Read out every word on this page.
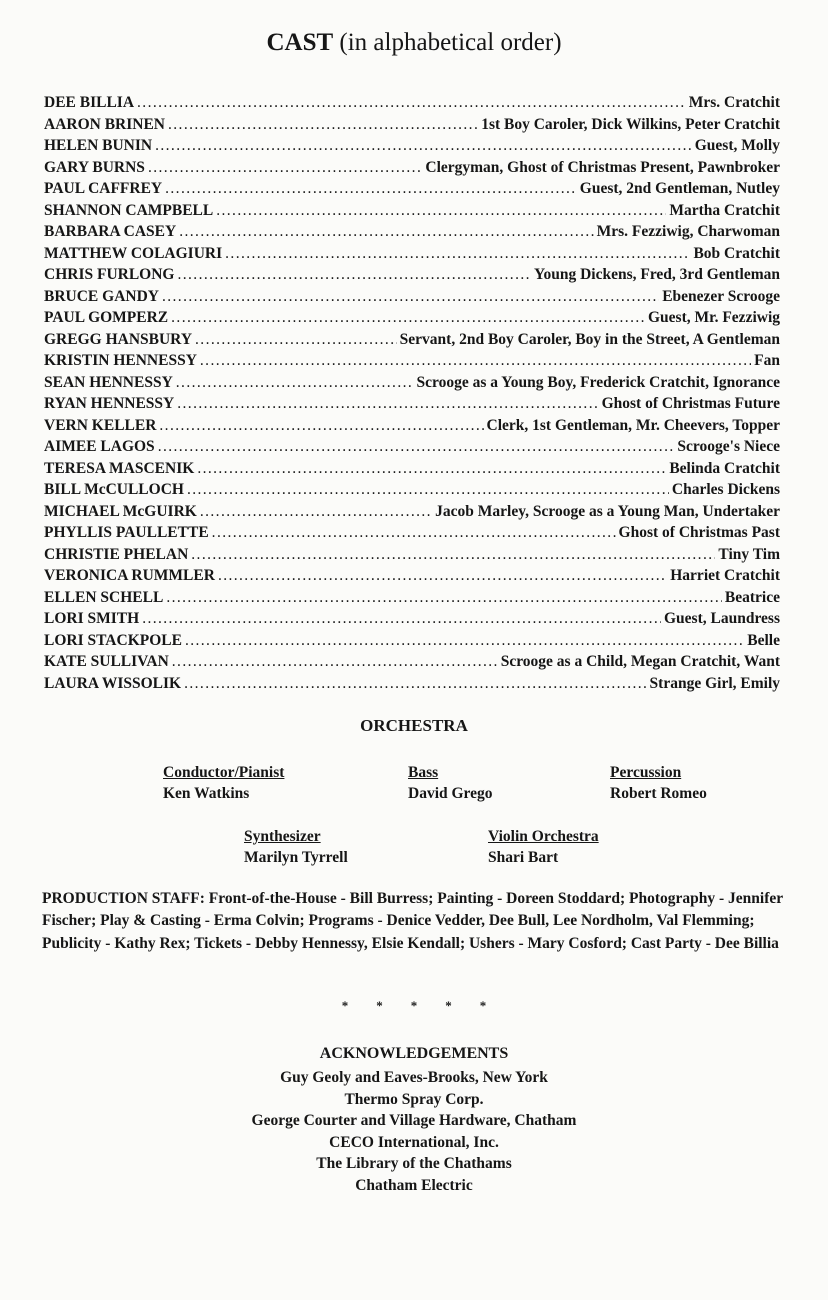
CAST (in alphabetical order)
DEE BILLIA .....	Mrs. Cratchit
AARON BRINEN .....	1st Boy Caroler, Dick Wilkins, Peter Cratchit
HELEN BUNIN .....	Guest, Molly
GARY BURNS .....	Clergyman, Ghost of Christmas Present, Pawnbroker
PAUL CAFFREY .....	Guest, 2nd Gentleman, Nutley
SHANNON CAMPBELL .....	Martha Cratchit
BARBARA CASEY .....	Mrs. Fezziwig, Charwoman
MATTHEW COLAGIURI .....	Bob Cratchit
CHRIS FURLONG .....	Young Dickens, Fred, 3rd Gentleman
BRUCE GANDY .....	Ebenezer Scrooge
PAUL GOMPERZ .....	Guest, Mr. Fezziwig
GREGG HANSBURY .....	Servant, 2nd Boy Caroler, Boy in the Street, A Gentleman
KRISTIN HENNESSY .....	Fan
SEAN HENNESSY .....	Scrooge as a Young Boy, Frederick Cratchit, Ignorance
RYAN HENNESSY .....	Ghost of Christmas Future
VERN KELLER .....	Clerk, 1st Gentleman, Mr. Cheevers, Topper
AIMEE LAGOS .....	Scrooge's Niece
TERESA MASCENIK .....	Belinda Cratchit
BILL McCULLOCH .....	Charles Dickens
MICHAEL McGUIRK .....	Jacob Marley, Scrooge as a Young Man, Undertaker
PHYLLIS PAULLETTE .....	Ghost of Christmas Past
CHRISTIE PHELAN .....	Tiny Tim
VERONICA RUMMLER .....	Harriet Cratchit
ELLEN SCHELL .....	Beatrice
LORI SMITH .....	Guest, Laundress
LORI STACKPOLE .....	Belle
KATE SULLIVAN .....	Scrooge as a Child, Megan Cratchit, Want
LAURA WISSOLIK .....	Strange Girl, Emily
ORCHESTRA
Conductor/Pianist
Ken Watkins
Bass
David Grego
Percussion
Robert Romeo
Synthesizer
Marilyn Tyrrell
Violin Orchestra
Shari Bart
PRODUCTION STAFF: Front-of-the-House - Bill Burress; Painting - Doreen Stoddard; Photography - Jennifer Fischer; Play & Casting - Erma Colvin; Programs - Denice Vedder, Dee Bull, Lee Nordholm, Val Flemming; Publicity - Kathy Rex; Tickets - Debby Hennessy, Elsie Kendall; Ushers - Mary Cosford; Cast Party - Dee Billia
* * * * *
ACKNOWLEDGEMENTS
Guy Geoly and Eaves-Brooks, New York
Thermo Spray Corp.
George Courter and Village Hardware, Chatham
CECO International, Inc.
The Library of the Chathams
Chatham Electric
